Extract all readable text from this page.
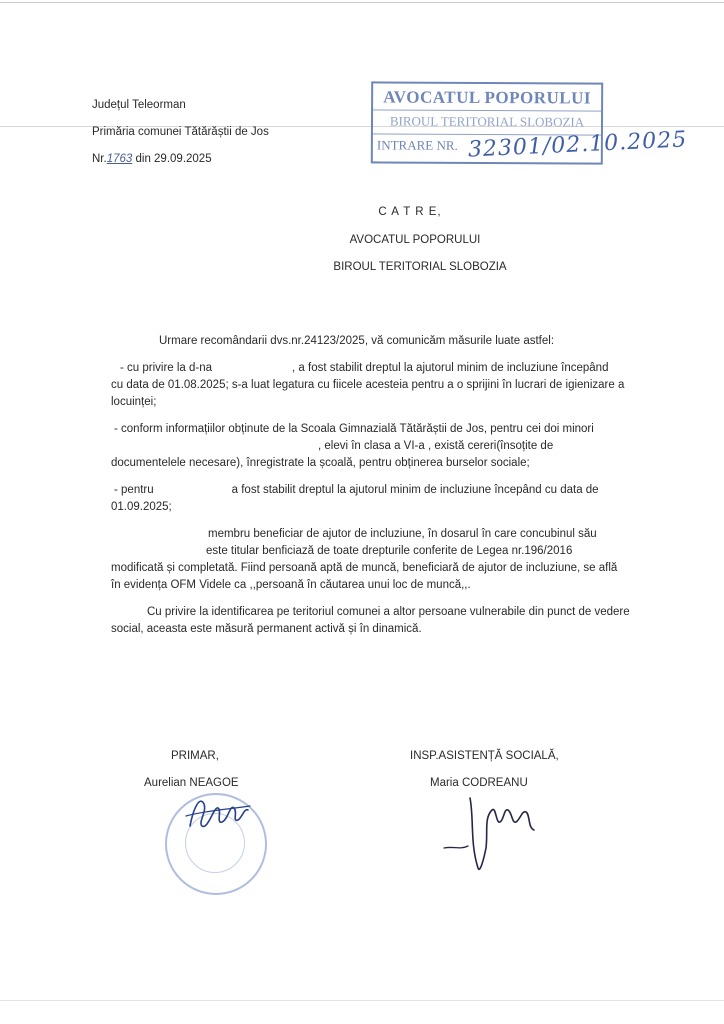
Județul Teleorman
Primăria comunei Tătărăștii de Jos
Nr.1763 din 29.09.2025
AVOCATUL POPORULUI
BIROUL TERITORIAL SLOBOZIA
INTRARE NR. 32301/02.10.2025
C A T R E,
AVOCATUL POPORULUI
BIROUL TERITORIAL SLOBOZIA
Urmare recomândarii dvs.nr.24123/2025, vă comunicăm măsurile luate astfel:
- cu privire la d-na	, a fost stabilit dreptul la ajutorul minim de incluziune începând
cu data de 01.08.2025; s-a luat legatura cu fiicele acesteia pentru a o sprijini în lucrari de igienizare a
locuinței;
- conform informațiilor obținute de la Scoala Gimnazială Tătărăștii de Jos, pentru cei doi minori
, elevi în clasa a VI-a , există cereri(însoțite de
documentelele necesare), înregistrate la școală, pentru obținerea burselor sociale;
- pentru	a fost stabilit dreptul la ajutorul minim de incluziune începând cu data de
01.09.2025;
membru beneficiar de ajutor de incluziune, în dosarul în care concubinul său
este titular benficiază de toate drepturile conferite de Legea nr.196/2016
modificată și completată. Fiind persoană aptă de muncă, beneficiară de ajutor de incluziune, se află
în evidența OFM Videle ca ,,persoană în căutarea unui loc de muncă,,.
Cu privire la identificarea pe teritoriul comunei a altor persoane vulnerabile din punct de vedere
social, aceasta este măsură permanent activă și în dinamică.
PRIMAR,
Aurelian NEAGOE
INSP.ASISTENȚĂ SOCIALĂ,
Maria CODREANU
